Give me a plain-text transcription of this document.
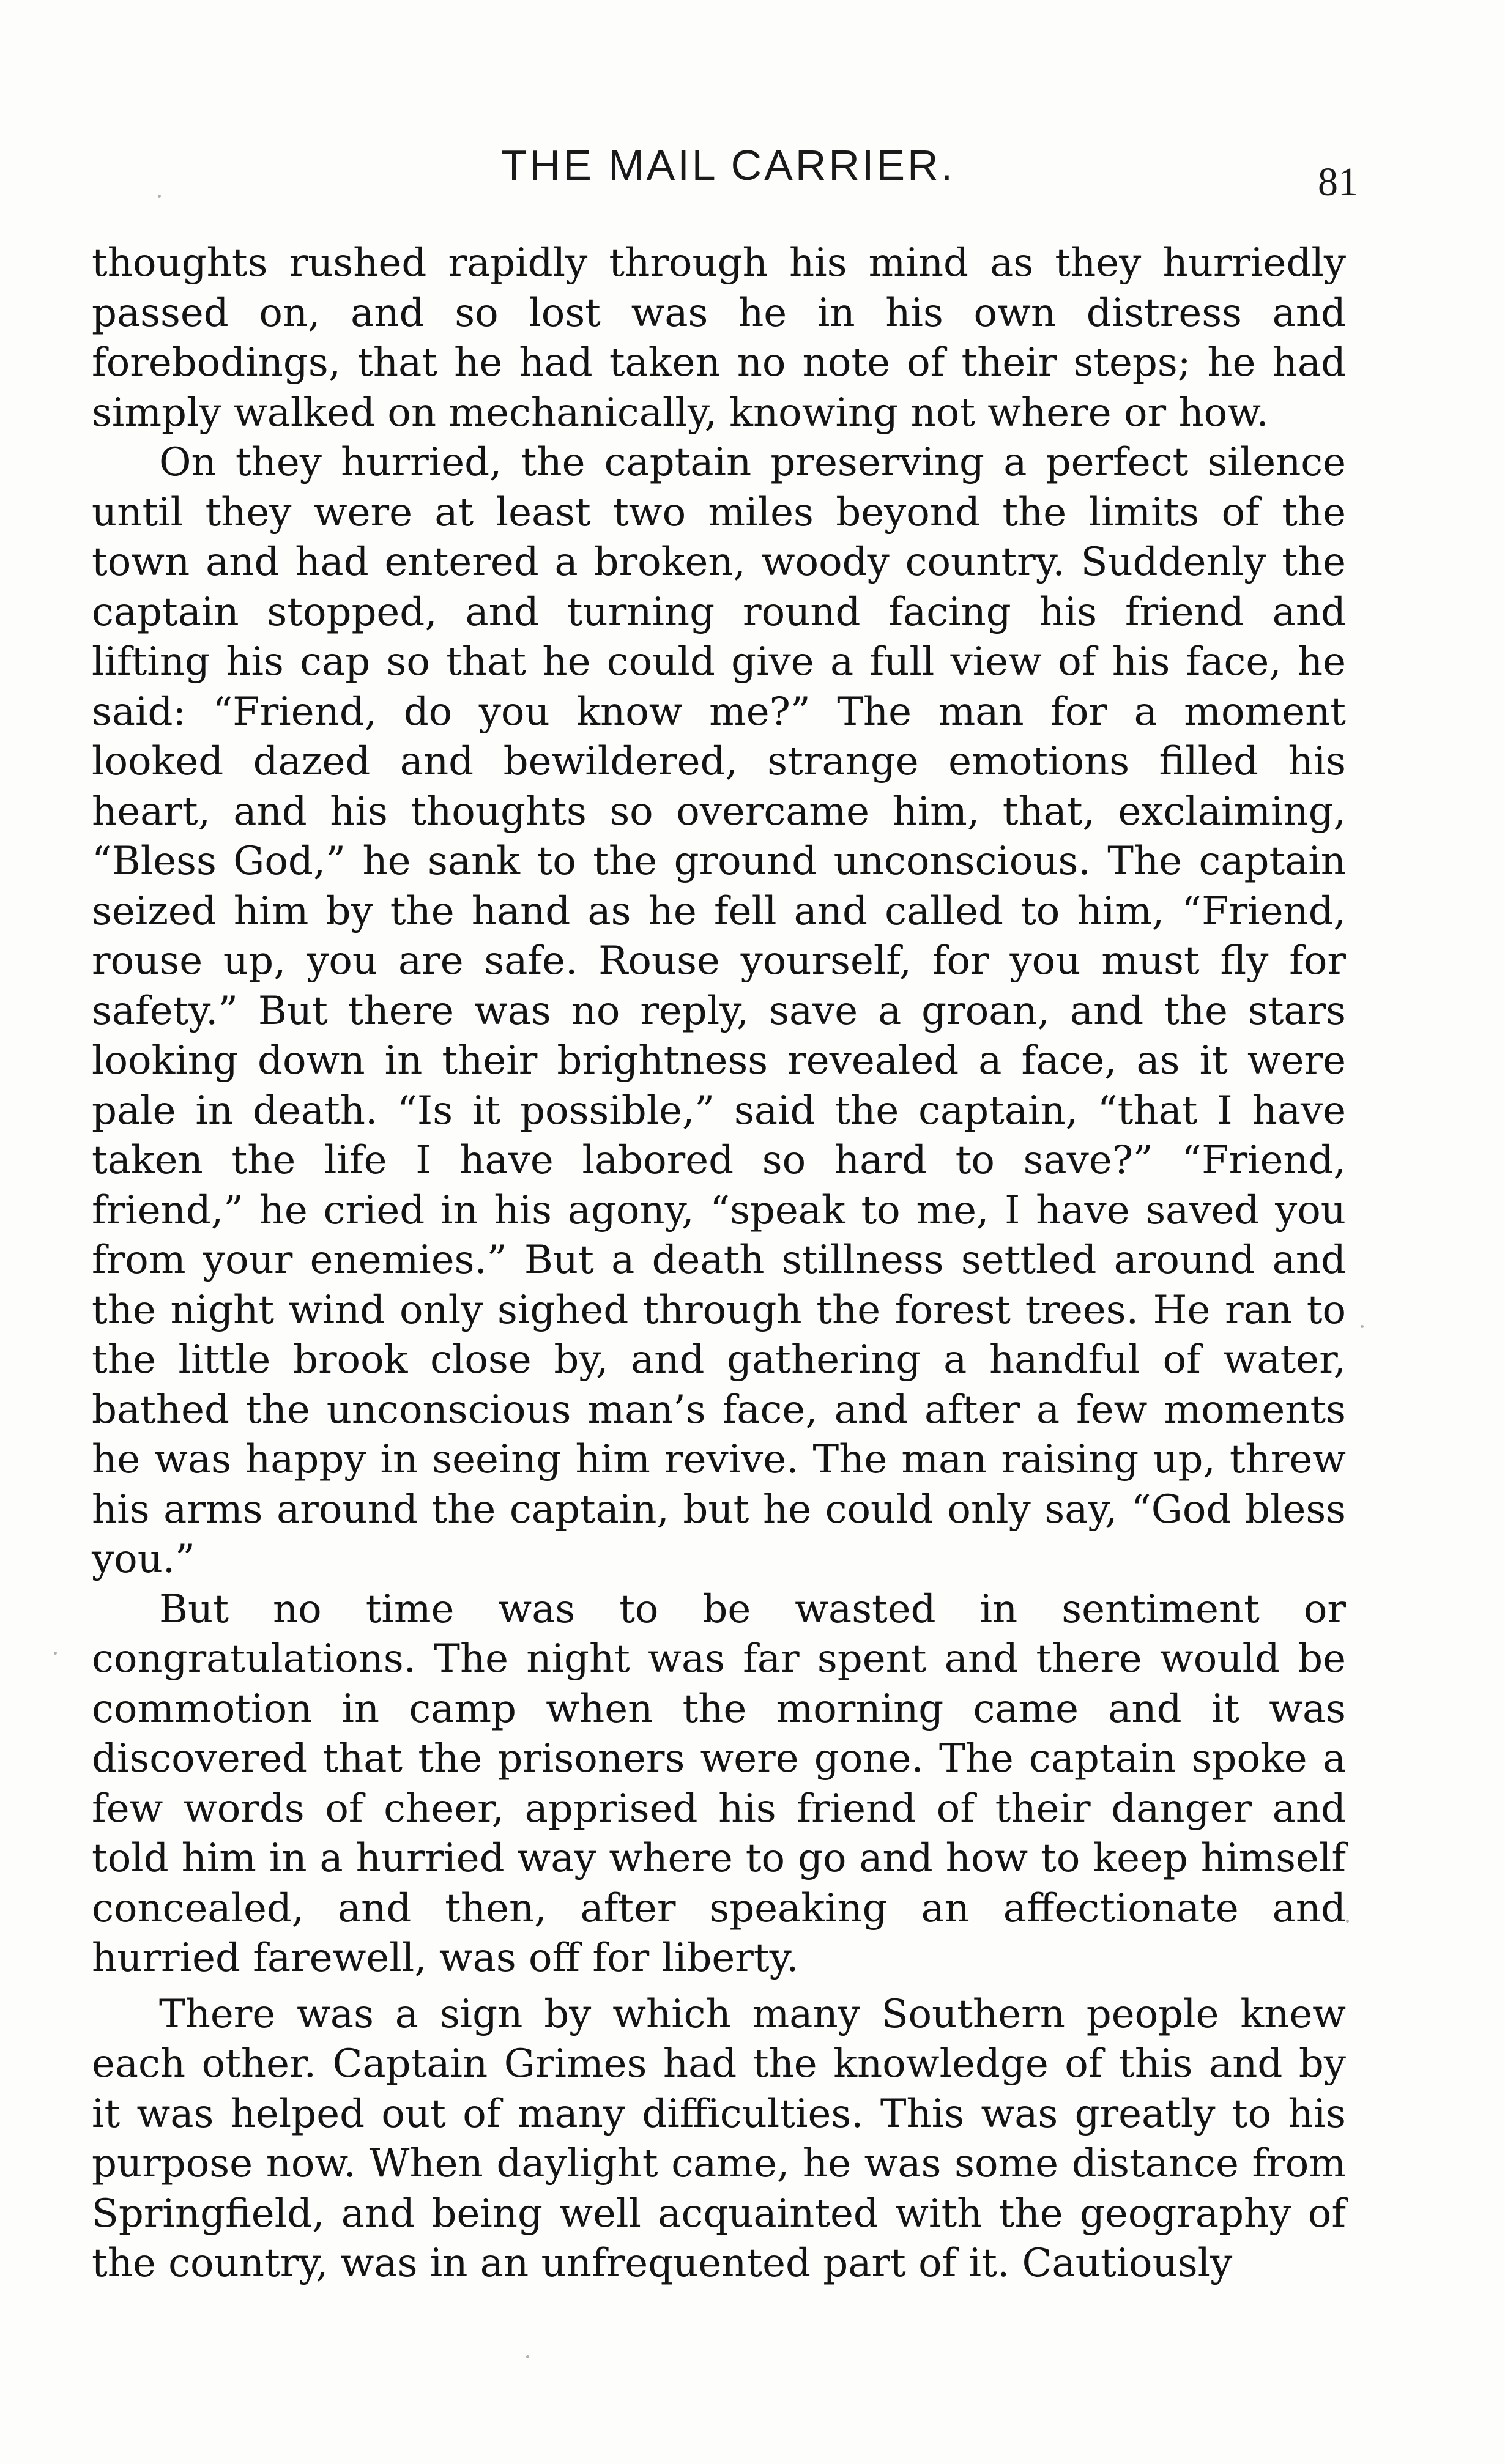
THE MAIL CARRIER.	81

thoughts rushed rapidly through his mind as they hurriedly passed on, and so lost was he in his own distress and forebodings, that he had taken no note of their steps; he had simply walked on mechanically, knowing not where or how.

On they hurried, the captain preserving a perfect silence until they were at least two miles beyond the limits of the town and had entered a broken, woody country. Suddenly the captain stopped, and turning round facing his friend and lifting his cap so that he could give a full view of his face, he said: “Friend, do you know me?” The man for a moment looked dazed and bewildered, strange emotions filled his heart, and his thoughts so overcame him, that, exclaiming, “Bless God,” he sank to the ground unconscious. The captain seized him by the hand as he fell and called to him, “Friend, rouse up, you are safe. Rouse yourself, for you must fly for safety.” But there was no reply, save a groan, and the stars looking down in their brightness revealed a face, as it were pale in death. “Is it possible,” said the captain, “that I have taken the life I have labored so hard to save?” “Friend, friend,” he cried in his agony, “speak to me, I have saved you from your enemies.” But a death stillness settled around and the night wind only sighed through the forest trees. He ran to the little brook close by, and gathering a handful of water, bathed the unconscious man’s face, and after a few moments he was happy in seeing him revive. The man raising up, threw his arms around the captain, but he could only say, “God bless you.”

But no time was to be wasted in sentiment or congratulations. The night was far spent and there would be commotion in camp when the morning came and it was discovered that the prisoners were gone. The captain spoke a few words of cheer, apprised his friend of their danger and told him in a hurried way where to go and how to keep himself concealed, and then, after speaking an affectionate and hurried farewell, was off for liberty.

There was a sign by which many Southern people knew each other. Captain Grimes had the knowledge of this and by it was helped out of many difficulties. This was greatly to his purpose now. When daylight came, he was some distance from Springfield, and being well acquainted with the geography of the country, was in an unfrequented part of it. Cautiously
